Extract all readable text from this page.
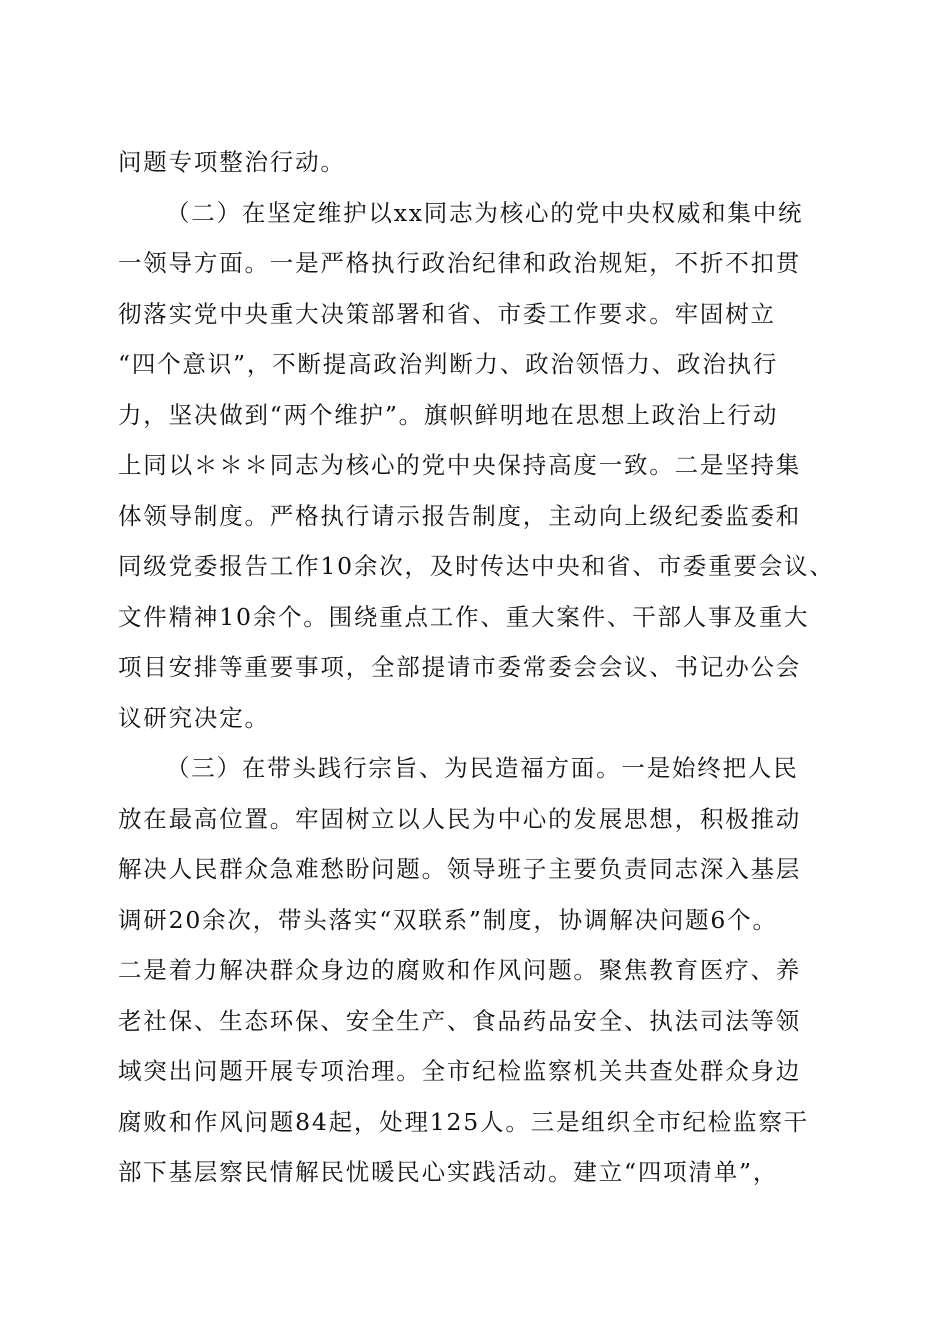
问题专项整治行动。
（二）在坚定维护以xx同志为核心的党中央权威和集中统
一领导方面。一是严格执行政治纪律和政治规矩，不折不扣贯
彻落实党中央重大决策部署和省、市委工作要求。牢固树立
“四个意识”，不断提高政治判断力、政治领悟力、政治执行
力，坚决做到“两个维护”。旗帜鲜明地在思想上政治上行动
上同以＊＊＊同志为核心的党中央保持高度一致。二是坚持集
体领导制度。严格执行请示报告制度，主动向上级纪委监委和
同级党委报告工作10余次，及时传达中央和省、市委重要会议、
文件精神10余个。围绕重点工作、重大案件、干部人事及重大
项目安排等重要事项，全部提请市委常委会会议、书记办公会
议研究决定。
（三）在带头践行宗旨、为民造福方面。一是始终把人民
放在最高位置。牢固树立以人民为中心的发展思想，积极推动
解决人民群众急难愁盼问题。领导班子主要负责同志深入基层
调研20余次，带头落实“双联系”制度，协调解决问题6个。
二是着力解决群众身边的腐败和作风问题。聚焦教育医疗、养
老社保、生态环保、安全生产、食品药品安全、执法司法等领
域突出问题开展专项治理。全市纪检监察机关共查处群众身边
腐败和作风问题84起，处理125人。三是组织全市纪检监察干
部下基层察民情解民忧暖民心实践活动。建立“四项清单”，
